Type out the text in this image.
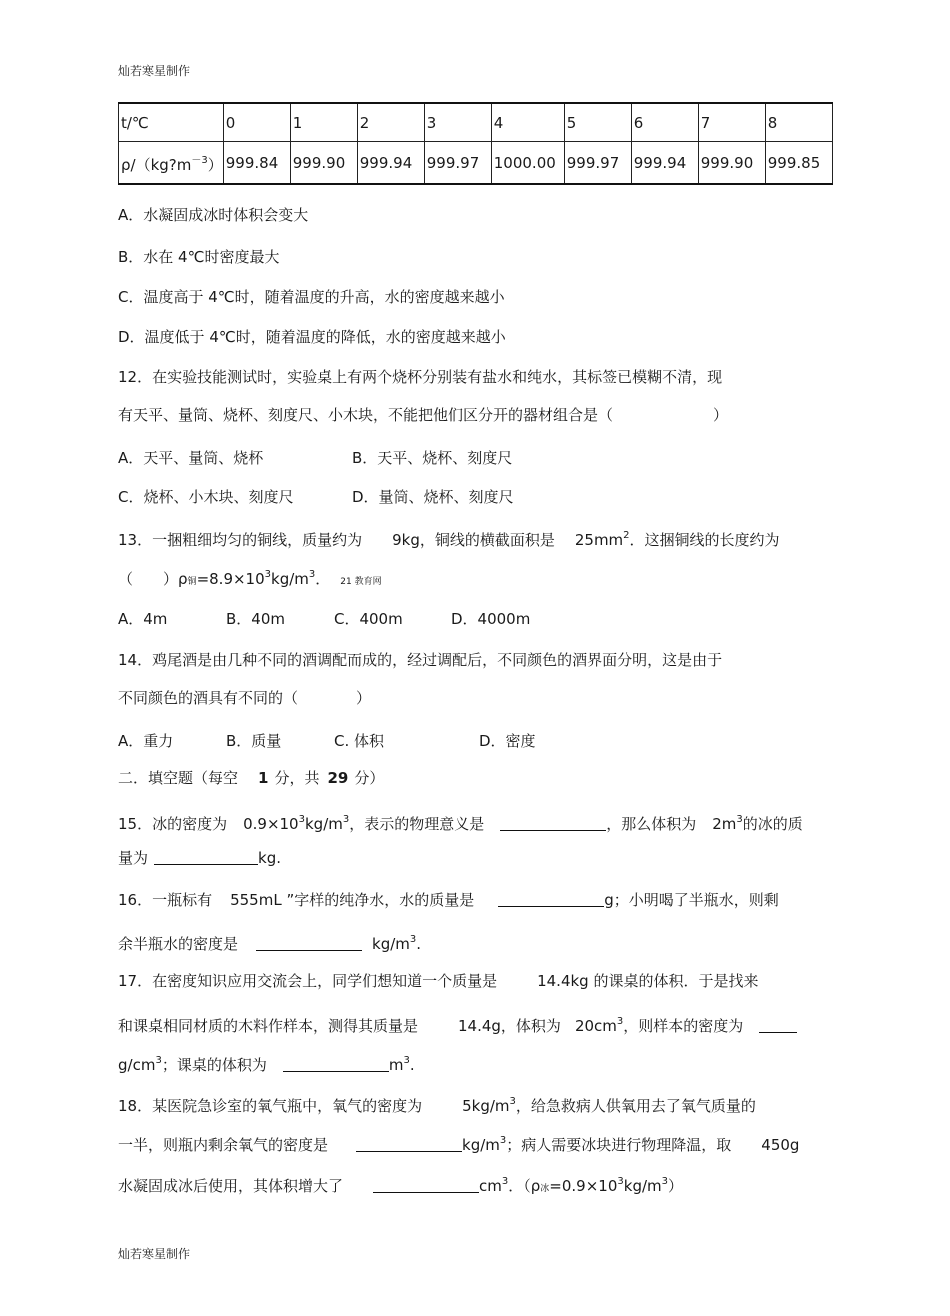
灿若寒星制作
t/℃	0	1	2	3	4	5	6	7	8
$\rho/(kg?m^{-3})$	999.84	999.90	999.94	999.97	1000.00	999.97	999.94	999.90	999.85
A．水凝固成冰时体积会变大
B．水在 4℃时密度最大
C．温度高于 4℃时，随着温度的升高，水的密度越来越小
D．温度低于 4℃时，随着温度的降低，水的密度越来越小
12．在实验技能测试时，实验桌上有两个烧杯分别装有盐水和纯水，其标签已模糊不清，现
有天平、量筒、烧杯、刻度尺、小木块，不能把他们区分开的器材组合是（	）
A．天平、量筒、烧杯	B．天平、烧杯、刻度尺
C．烧杯、小木块、刻度尺	D．量筒、烧杯、刻度尺
13．一捆粗细均匀的铜线，质量约为 9kg，铜线的横截面积是 $25mm^2$．这捆铜线的长度约为
（ ）ρ铜$=8.9\times 10^3kg/m^3$． 21 教育网
A．4m	B．40m	C．400m	D．4000m
14．鸡尾酒是由几种不同的酒调配而成的，经过调配后，不同颜色的酒界面分明，这是由于
不同颜色的酒具有不同的（	）
A．重力	B．质量	C. 体积	D．密度
二．填空题（每空 1 分，共 29 分）
15．冰的密度为 $0.9\times 10^3kg/m^3$，表示的物理意义是	，那么体积为 $2m^3$的冰的质
量为	kg.
16．一瓶标有 555mL ”字样的纯净水，水的质量是	g；小明喝了半瓶水，则剩
余半瓶水的密度是	$kg/m^3$.
17．在密度知识应用交流会上，同学们想知道一个质量是	14.4kg 的课桌的体积．于是找来
和课桌相同材质的木料作样本，测得其质量是	14.4g，体积为 $20cm^3$，则样本的密度为
$g/cm^3$；课桌的体积为	$m^3$.
18．某医院急诊室的氧气瓶中，氧气的密度为	$5kg/m^3$，给急救病人供氧用去了氧气质量的
一半，则瓶内剩余氧气的密度是	$kg/m^3$；病人需要冰块进行物理降温，取 450g
水凝固成冰后使用，其体积增大了	$cm^3$．（ρ冰$=0.9\times 10^3kg/m^3$）
灿若寒星制作
